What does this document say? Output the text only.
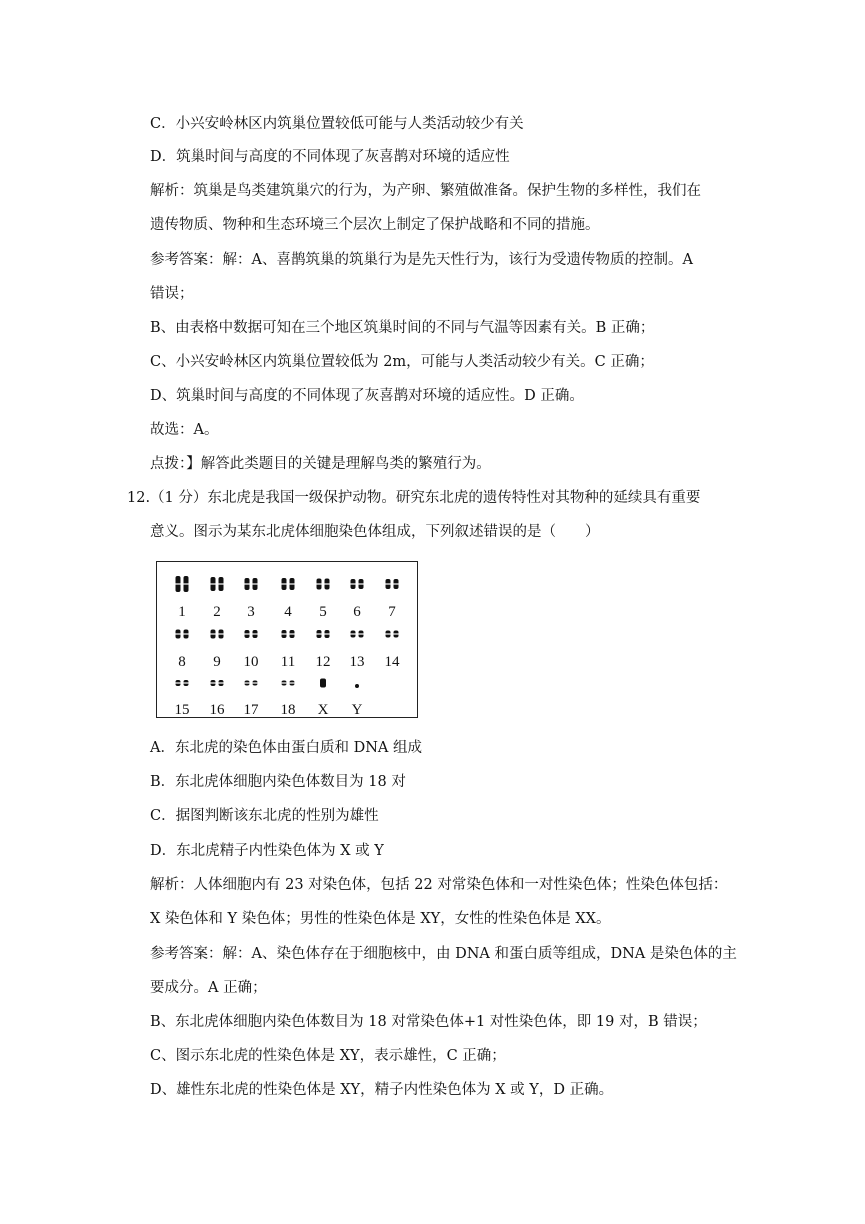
C．小兴安岭林区内筑巢位置较低可能与人类活动较少有关
D．筑巢时间与高度的不同体现了灰喜鹊对环境的适应性
解析：筑巢是鸟类建筑巢穴的行为，为产卵、繁殖做准备。保护生物的多样性，我们在
遗传物质、物种和生态环境三个层次上制定了保护战略和不同的措施。
参考答案：解：A、喜鹊筑巢的筑巢行为是先天性行为，该行为受遗传物质的控制。A
错误；
B、由表格中数据可知在三个地区筑巢时间的不同与气温等因素有关。B 正确；
C、小兴安岭林区内筑巢位置较低为 2m，可能与人类活动较少有关。C 正确；
D、筑巢时间与高度的不同体现了灰喜鹊对环境的适应性。D 正确。
故选：A。
点拨：】解答此类题目的关键是理解鸟类的繁殖行为。
12.（1 分）东北虎是我国一级保护动物。研究东北虎的遗传特性对其物种的延续具有重要
意义。图示为某东北虎体细胞染色体组成，下列叙述错误的是（　　）
1 2 3 4 5 6 7
8 9 10 11 12 13 14
15 16 17 18 X Y
A．东北虎的染色体由蛋白质和 DNA 组成
B．东北虎体细胞内染色体数目为 18 对
C．据图判断该东北虎的性别为雄性
D．东北虎精子内性染色体为 X 或 Y
解析：人体细胞内有 23 对染色体，包括 22 对常染色体和一对性染色体；性染色体包括：
X 染色体和 Y 染色体；男性的性染色体是 XY，女性的性染色体是 XX。
参考答案：解：A、染色体存在于细胞核中，由 DNA 和蛋白质等组成，DNA 是染色体的主
要成分。A 正确；
B、东北虎体细胞内染色体数目为 18 对常染色体+1 对性染色体，即 19 对，B 错误；
C、图示东北虎的性染色体是 XY，表示雄性，C 正确；
D、雄性东北虎的性染色体是 XY，精子内性染色体为 X 或 Y，D 正确。
